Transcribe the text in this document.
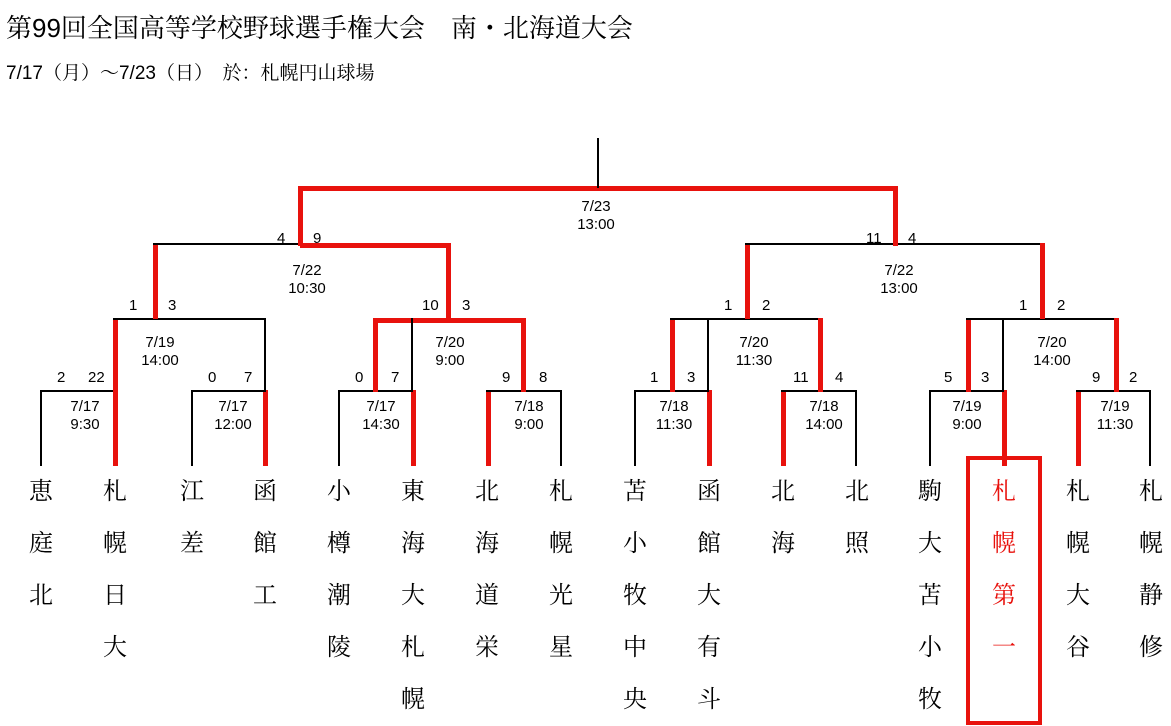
第99回全国高等学校野球選手権大会　南・北海道大会
7/17（月）〜7/23（日）　於：札幌円山球場
2 22	0 7	0 7	9 8	1 3	11 4	5 3	9 2
1 3	10 3	1 2	1 2
4 9	11 4
7/17
9:30
7/17
12:00
7/17
14:30
7/18
9:00
7/18
11:30
7/18
14:00
7/19
9:00
7/19
11:30
7/19
14:00
7/20
9:00
7/20
11:30
7/20
14:00
7/22
10:30
7/22
13:00
7/23
13:00
恵
庭
北
札
幌
日
大
江
差
函
館
工
小
樽
潮
陵
東
海
大
札
幌
北
海
道
栄
札
幌
光
星
苫
小
牧
中
央
函
館
大
有
斗
北
海
北
照
駒
大
苫
小
牧
札
幌
第
一
札
幌
大
谷
札
幌
静
修
